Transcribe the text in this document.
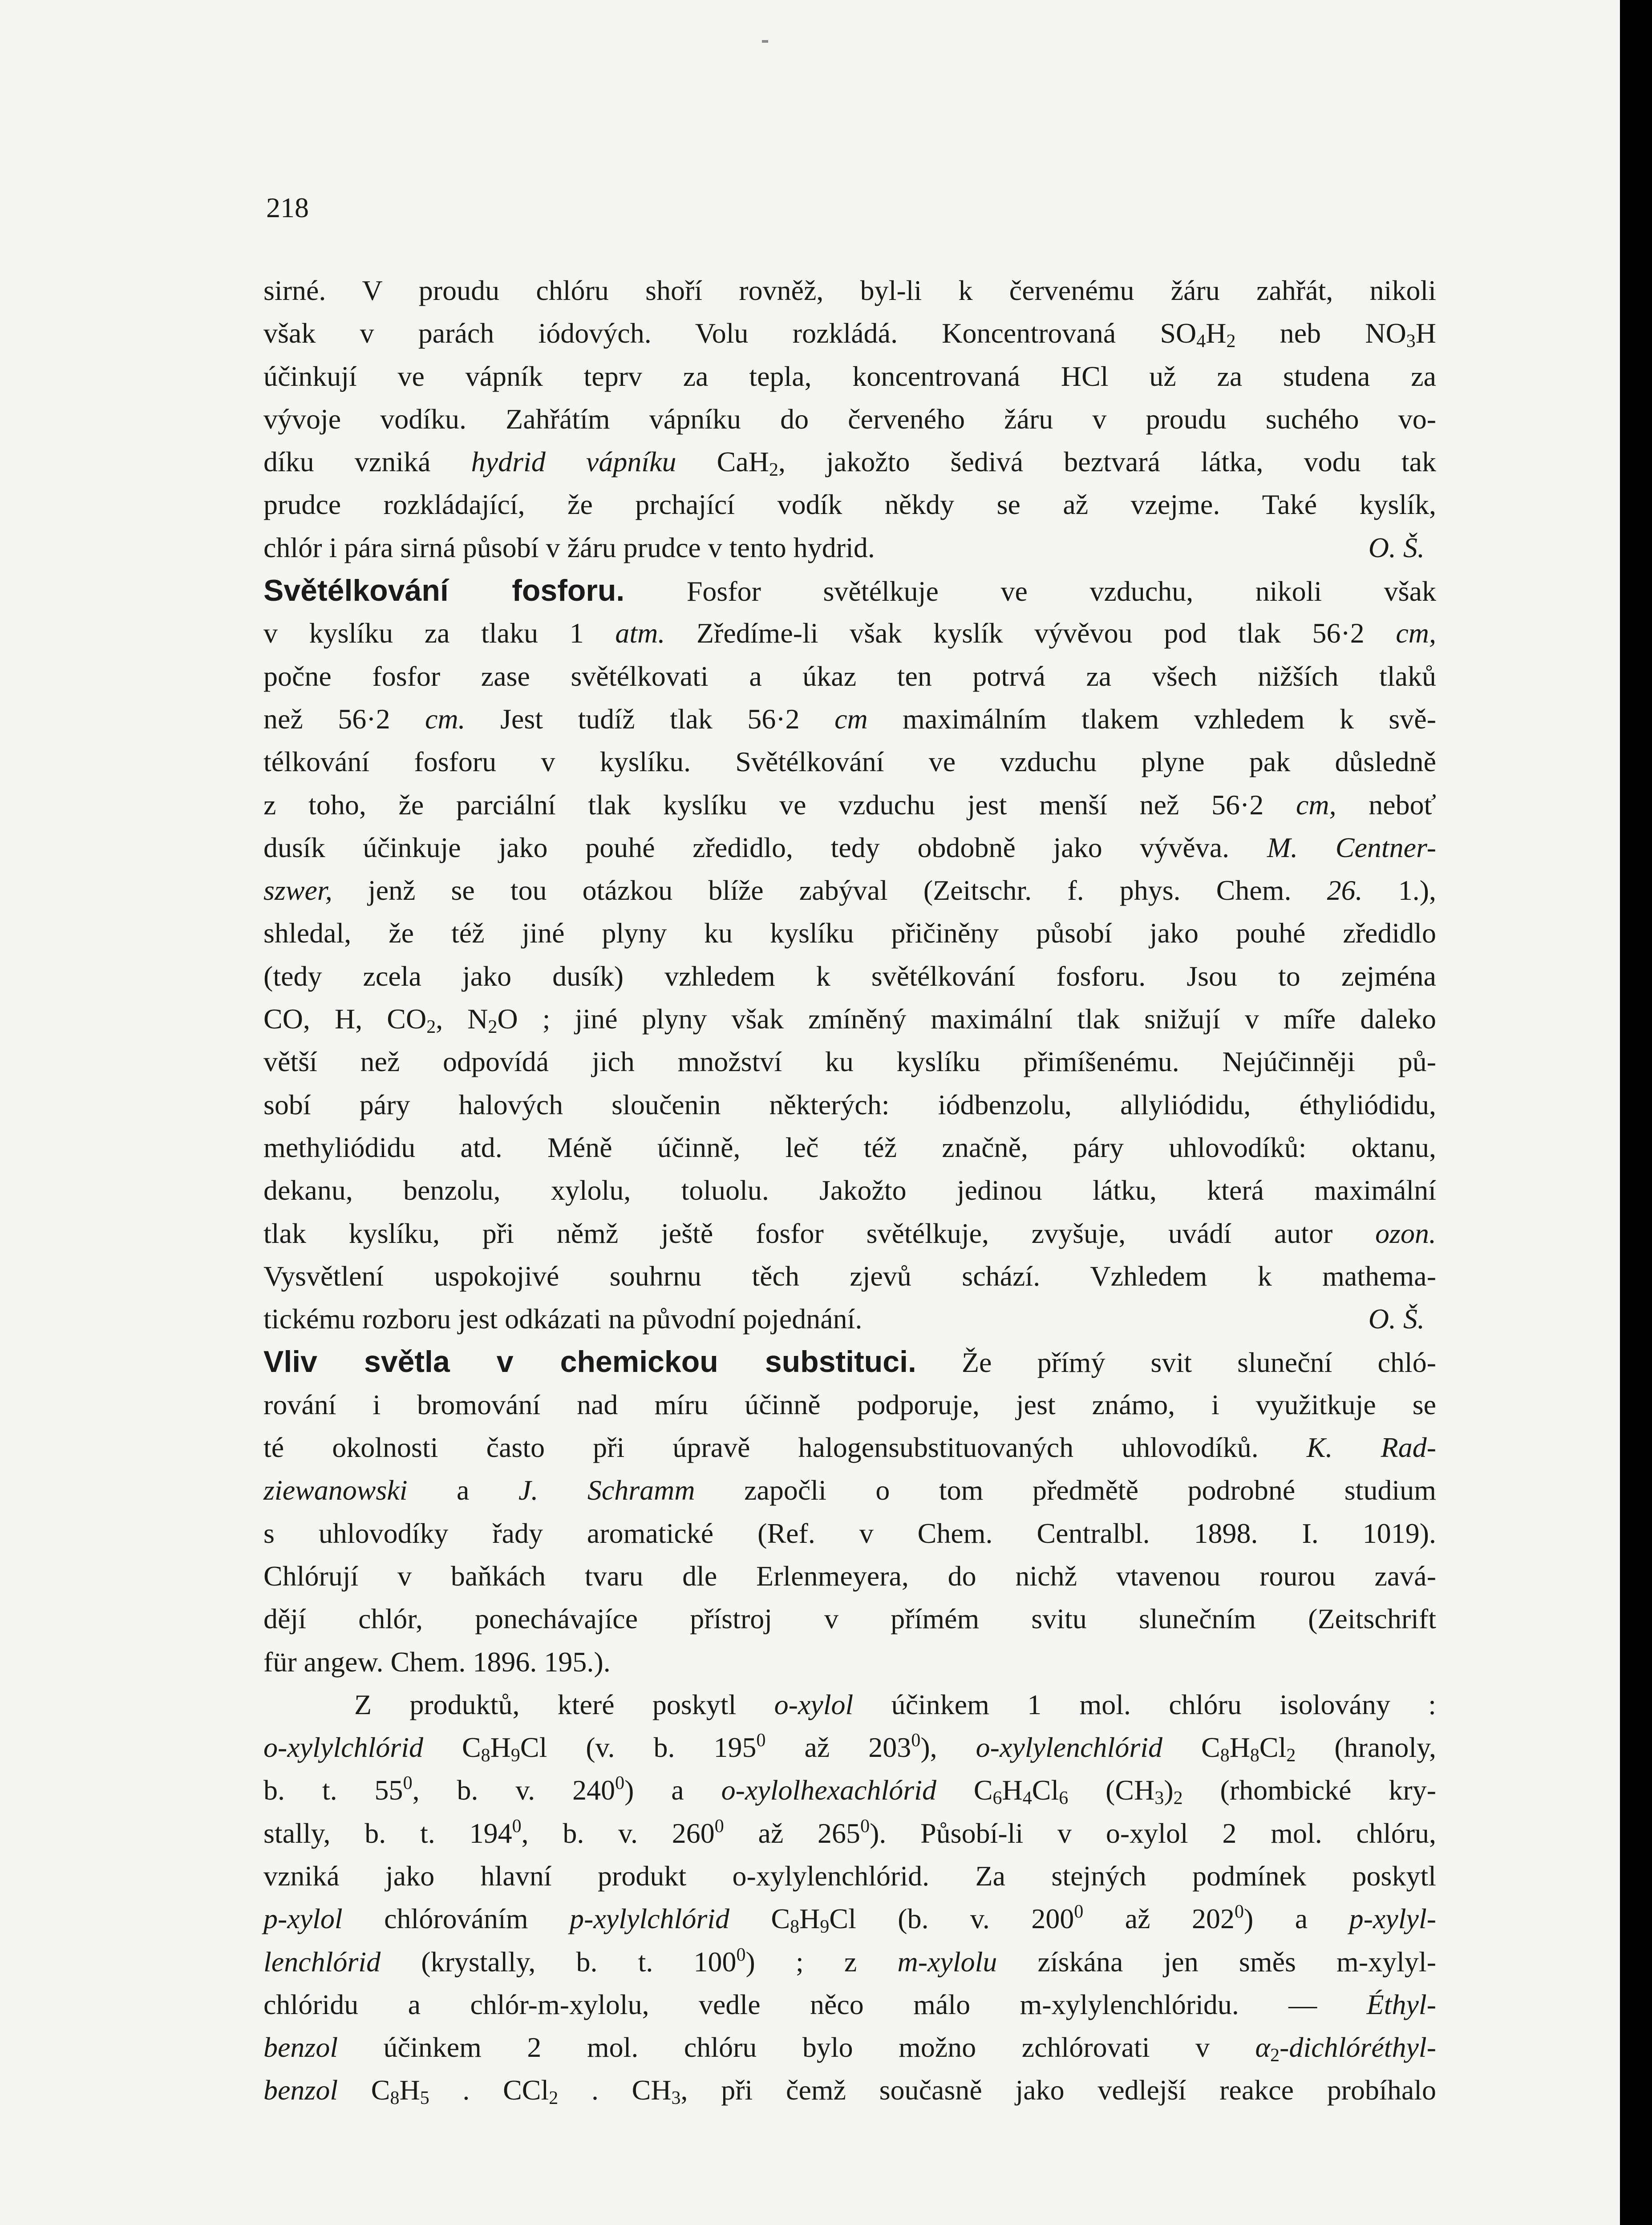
218
sirné. V proudu chlóru shoří rovněž, byl-li k červenému žáru zahřát, nikoli
však v parách iódových. Volu rozkládá. Koncentrovaná $SO_4H_2$ neb $NO_3H$
účinkují ve vápník teprv za tepla, koncentrovaná HCl už za studena za
vývoje vodíku. Zahřátím vápníku do červeného žáru v proudu suchého vo-
díku vzniká hydrid vápníku CaH$_2$, jakožto šedivá beztvará látka, vodu tak
prudce rozkládající, že prchající vodík někdy se až vzejme. Také kyslík,
chlór i pára sirná působí v žáru prudce v tento hydrid.	O. Š.
Světélkování fosforu. Fosfor světélkuje ve vzduchu, nikoli však
v kyslíku za tlaku 1 atm. Zředíme-li však kyslík vývěvou pod tlak 56·2 cm,
počne fosfor zase světélkovati a úkaz ten potrvá za všech nižších tlaků
než 56·2 cm. Jest tudíž tlak 56·2 cm maximálním tlakem vzhledem k svě-
télkování fosforu v kyslíku. Světélkování ve vzduchu plyne pak důsledně
z toho, že parciální tlak kyslíku ve vzduchu jest menší než 56·2 cm, neboť
dusík účinkuje jako pouhé zředidlo, tedy obdobně jako vývěva. M. Centner-
szwer, jenž se tou otázkou blíže zabýval (Zeitschr. f. phys. Chem. 26. 1.),
shledal, že též jiné plyny ku kyslíku přičiněny působí jako pouhé zředidlo
(tedy zcela jako dusík) vzhledem k světélkování fosforu. Jsou to zejména
CO, H, $CO_2$, $N_2O$ ; jiné plyny však zmíněný maximální tlak snižují v míře daleko
větší než odpovídá jich množství ku kyslíku přimíšenému. Nejúčinněji pů-
sobí páry halových sloučenin některých: iódbenzolu, allyliódidu, éthyliódidu,
methyliódidu atd. Méně účinně, leč též značně, páry uhlovodíků: oktanu,
dekanu, benzolu, xylolu, toluolu. Jakožto jedinou látku, která maximální
tlak kyslíku, při němž ještě fosfor světélkuje, zvyšuje, uvádí autor ozon.
Vysvětlení uspokojivé souhrnu těch zjevů schází. Vzhledem k mathema-
tickému rozboru jest odkázati na původní pojednání.	O. Š.
Vliv světla v chemickou substituci. Že přímý svit sluneční chló-
rování i bromování nad míru účinně podporuje, jest známo, i využitkuje se
té okolnosti často při úpravě halogensubstituovaných uhlovodíků. K. Rad-
ziewanowski a J. Schramm započli o tom předmětě podrobné studium
s uhlovodíky řady aromatické (Ref. v Chem. Centralbl. 1898. I. 1019).
Chlórují v baňkách tvaru dle Erlenmeyera, do nichž vtavenou rourou zavá-
dějí chlór, ponechávajíce přístroj v přímém svitu slunečním (Zeitschrift
für angew. Chem. 1896. 195.).
Z produktů, které poskytl o-xylol účinkem 1 mol. chlóru isolovány :
o-xylylchlórid $C_8H_9Cl$ (v. b. $195^0$ až $203^0$), o-xylylenchlórid $C_8H_8Cl_2$ (hranoly,
b. t. $55^0$, b. v. $240^0$) a o-xylolhexachlórid $C_6H_4Cl_6$ $(CH_3)_2$ (rhombické kry-
stally, b. t. $194^0$, b. v. $260^0$ až $265^0$). Působí-li v o-xylol 2 mol. chlóru,
vzniká jako hlavní produkt o-xylylenchlórid. Za stejných podmínek poskytl
p-xylol chlórováním p-xylylchlórid $C_8H_9Cl$ (b. v. $200^0$ až $202^0$) a p-xylyl-
lenchlórid (krystally, b. t. $100^0$) ; z m-xylolu získána jen směs m-xylyl-
chlóridu a chlór-m-xylolu, vedle něco málo m-xylylenchlóridu. — Éthyl-
benzol účinkem 2 mol. chlóru bylo možno zchlórovati v $\alpha_2-dichlóréthyl-$
benzol $C_8H_5$ . CCl$_2$ . $CH_3$, při čemž současně jako vedlejší reakce probíhalo
